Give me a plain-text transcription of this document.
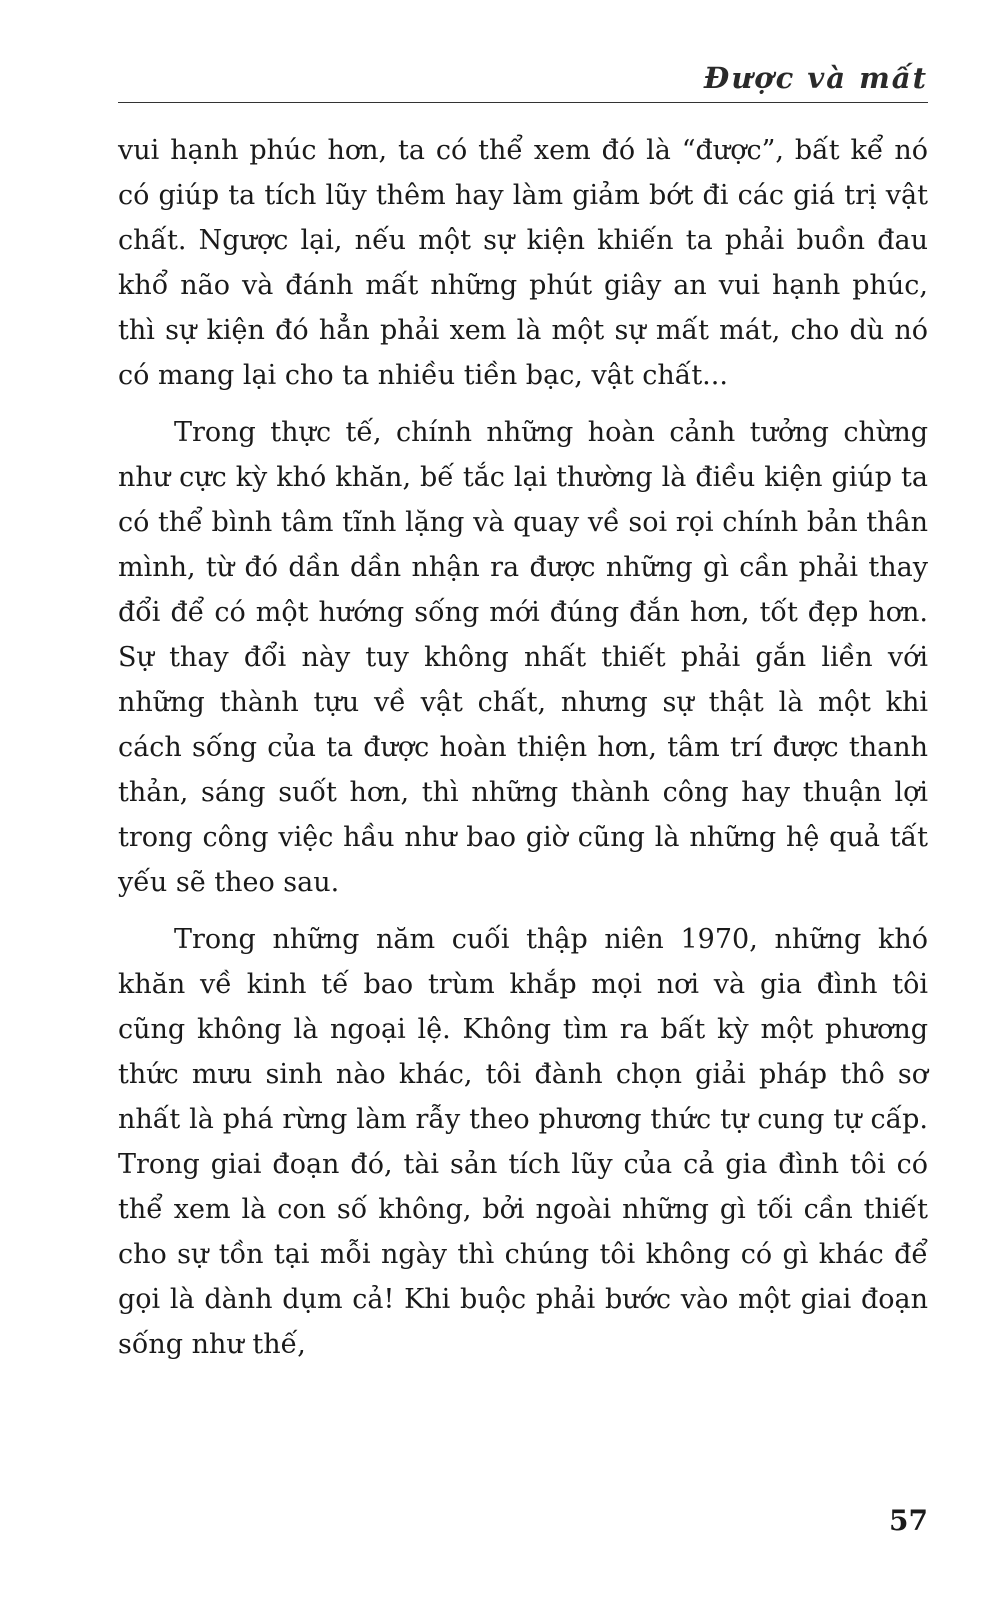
Được và mất

vui hạnh phúc hơn, ta có thể xem đó là “được”, bất kể nó có giúp ta tích lũy thêm hay làm giảm bớt đi các giá trị vật chất. Ngược lại, nếu một sự kiện khiến ta phải buồn đau khổ não và đánh mất những phút giây an vui hạnh phúc, thì sự kiện đó hẳn phải xem là một sự mất mát, cho dù nó có mang lại cho ta nhiều tiền bạc, vật chất...

Trong thực tế, chính những hoàn cảnh tưởng chừng như cực kỳ khó khăn, bế tắc lại thường là điều kiện giúp ta có thể bình tâm tĩnh lặng và quay về soi rọi chính bản thân mình, từ đó dần dần nhận ra được những gì cần phải thay đổi để có một hướng sống mới đúng đắn hơn, tốt đẹp hơn. Sự thay đổi này tuy không nhất thiết phải gắn liền với những thành tựu về vật chất, nhưng sự thật là một khi cách sống của ta được hoàn thiện hơn, tâm trí được thanh thản, sáng suốt hơn, thì những thành công hay thuận lợi trong công việc hầu như bao giờ cũng là những hệ quả tất yếu sẽ theo sau.

Trong những năm cuối thập niên 1970, những khó khăn về kinh tế bao trùm khắp mọi nơi và gia đình tôi cũng không là ngoại lệ. Không tìm ra bất kỳ một phương thức mưu sinh nào khác, tôi đành chọn giải pháp thô sơ nhất là phá rừng làm rẫy theo phương thức tự cung tự cấp. Trong giai đoạn đó, tài sản tích lũy của cả gia đình tôi có thể xem là con số không, bởi ngoài những gì tối cần thiết cho sự tồn tại mỗi ngày thì chúng tôi không có gì khác để gọi là dành dụm cả! Khi buộc phải bước vào một giai đoạn sống như thế,

57
